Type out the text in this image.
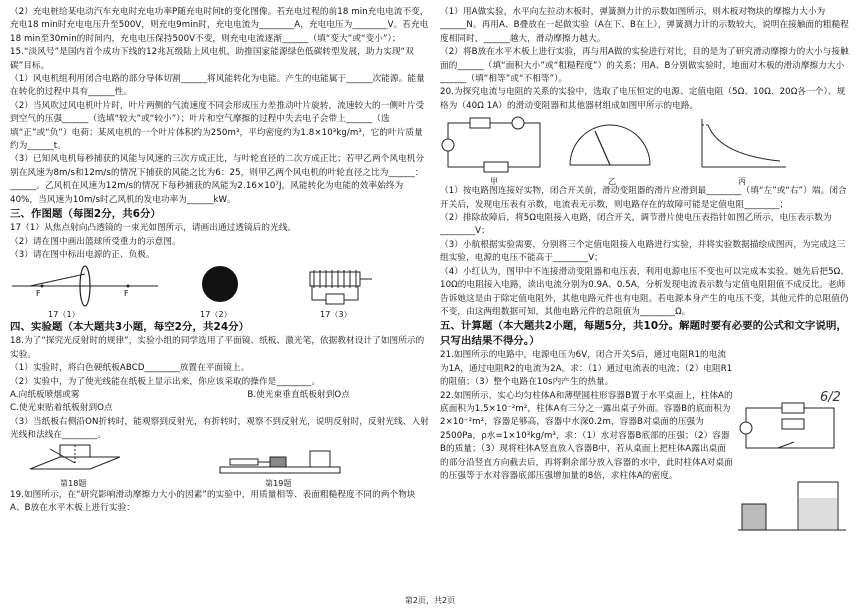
（2）充电桩给某电动汽车充电时充电功率P随充电时间t的变化图像。若充电过程的前18 min充电电流不变，充电18 min时充电电压升至500V，则充电9min时，充电电流为________A，充电电压为________V。若充电18 min至30min的时间内，充电电压保持500V不变，则充电电流逐渐______（填“变大”或“变小”）；

15.“淡风号”是国内首个成功下线的12兆瓦级陆上风电机，助推国家能源绿色低碳转型发展，助力实现“双碳”目标。

（1）风电机组利用闭合电路的部分导体切割______将风能转化为电能。产生的电能属于______次能源。能量在转化的过程中具有______性。

（2）当风吹过风电机叶片时，叶片两侧的气流速度不同会形成压力差推动叶片旋转，流速较大的一侧叶片受到空气的压强______（选填“较大”或“较小”）；叶片和空气摩擦的过程中失去电子会带上______（选填“正”或“负”）电荷；某风电机的一个叶片体积约为250m³，平均密度约为1.8×10³kg/m³，它的叶片质量约为______t。

（3）已知风电机每秒捕获的风能与风速的三次方成正比，与叶轮直径的二次方成正比；若甲乙两个风电机分别在风速为8m/s和12m/s的情况下捕获的风能之比为6：25，则甲乙两个风电机的叶轮直径之比为______：______。乙风机在风速为12m/s的情况下每秒捕获的风能为2.16×10⁷J，风能转化为电能的效率始终为40%，当风速为10m/s时乙风机的发电功率为______kW。

三、作图题（每图2分，共6分）

17（1）从焦点射向凸透镜的一束光如图所示，请画出通过透镜后的光线。

（2）请在图中画出篮球所受重力的示意图。

（3）请在图中标出电源的正、负极。

F	F
17（1）	17（2）	17（3）

四、实验题（本大题共3小题，每空2分，共24分）

18.为了“探究光反射时的规律”，实验小组的同学选用了平面镜、纸板、激光笔，依据教材设计了如图所示的实验。

（1）实验时，将白色硬纸板ABCD________放置在平面镜上。

（2）实验中，为了使光线能在纸板上显示出来，你应该采取的操作是________。

A.向纸板喷烟或雾	B.使光束垂直纸板射到O点

C.使光束贴着纸板射到O点

（3）当纸板右侧沿ON折转时，能观察到反射光，有折转时，观察不到反射光，说明反射时，反射光线、入射光线和法线在________。

第18题	第19题

19.如图所示，在“研究影响滑动摩擦力大小的因素”的实验中，用质量相等、表面粗糙程度不同的两个物块A、B放在水平木板上进行实验：

（1）用A做实验，水平向左拉动木板时，弹簧测力计的示数如图所示，则木板对物块的摩擦力大小为______N。再用A、B叠放在一起做实验（A在下、B在上），弹簧测力计的示数较大，说明在接触面的粗糙程度相同时，______越大，滑动摩擦力越大。

（2）将B放在水平木板上进行实验，再与用A做的实验进行对比，目的是为了研究滑动摩擦力的大小与接触面的______（填“面积大小”或“粗糙程度”）的关系；用A、B分别做实验时，地面对木板的滑动摩擦力大小______（填“相等”或“不相等”）。

20.为探究电流与电阻的关系的实验中，选取了电压恒定的电源、定值电阻（5Ω、10Ω、20Ω各一个）、规格为（40Ω 1A）的滑动变阻器和其他器材组成如图甲所示的电路。

甲	乙	丙

（1）按电路图连接好实物，闭合开关前，滑动变阻器的滑片应滑到最________（填“左”或“右”）端。闭合开关后，发现电压表有示数，电流表无示数，则电路存在的故障可能是定值电阻________；

（2）排除故障后，将5Ω电阻接入电路，闭合开关，调节滑片使电压表指针如图乙所示，电压表示数为________V；

（3）小航根据实验需要，分别将三个定值电阻接入电路进行实验，并将实验数据描绘成图丙，为完成这三组实验，电源的电压不能高于________V；

（4）小红认为，图甲中不连接滑动变阻器和电压表，利用电源电压不变也可以完成本实验。她先后把5Ω、10Ω的电阻接入电路，读出电流分别为0.9A、0.5A，分析发现电流表示数与定值电阻阻值不成反比。老师告诉她这是由于除定值电阻外，其他电路元件也有电阻。若电源本身产生的电压不变，其他元件的总阻值仍不变，由这两组数据可知，其他电路元件的总阻值为________Ω。

五、计算题（本大题共2小题，每题5分，共10分。解题时要有必要的公式和文字说明，只写出结果不得分。）

21.如图所示的电路中，电源电压为6V，闭合开关S后，通过电阻R1的电流为1A，通过电阻R2的电流为2A。求：（1）通过电流表的电流；（2）电阻R1的阻值；（3）整个电路在10s内产生的热量。

22.如图所示，实心均匀柱体A和薄壁圆柱形容器B置于水平桌面上，柱体A的底面积为1.5×10⁻²m²，柱体A有三分之一露出桌子外面。容器B的底面积为2×10⁻²m²，容器足够高，容器中水深0.2m，容器B对桌面的压强为2500Pa，ρ水=1×10³kg/m³，求：（1）水对容器B底部的压强；（2）容器B的质量；（3）现将柱体A竖直放入容器B中，若从桌面上把柱体A露出桌面的部分沿竖直方向截去后，再将剩余部分放入容器的水中，此时柱体A对桌面的压强等于水对容器底部压强增加量的8倍，求柱体A的密度。

6/2
第2页，共2页
